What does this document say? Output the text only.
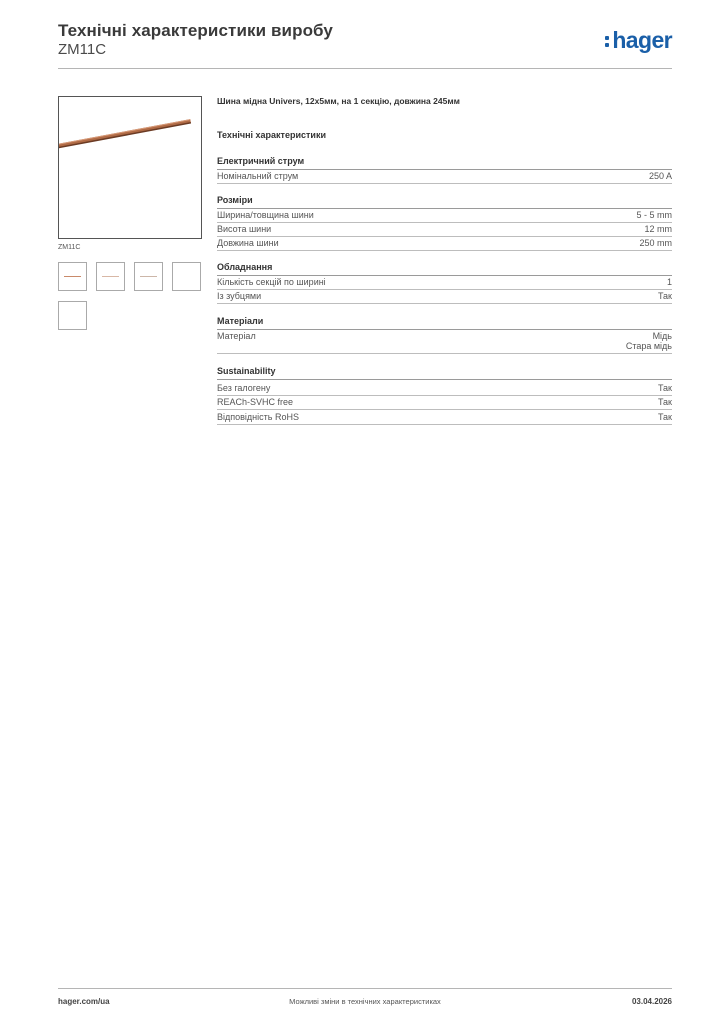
Технічні характеристики виробу
ZM11C	hager
ZM11C
Шина мідна Univers, 12x5мм, на 1 секцію, довжина 245мм
Технічні характеристики
Електричний струм
Номінальний струм	250 A
Розміри
Ширина/товщина шини	5 - 5 mm
Висота шини	12 mm
Довжина шини	250 mm
Обладнання
Кількість секцій по ширині	1
Із зубцями	Так
Матеріали
Матеріал	Мідь
Стара мідь
Sustainability
Без галогену	Так
REACh-SVHC free	Так
Відповідність RoHS	Так
hager.com/ua	Можливі зміни в технічних характеристиках	03.04.2026
